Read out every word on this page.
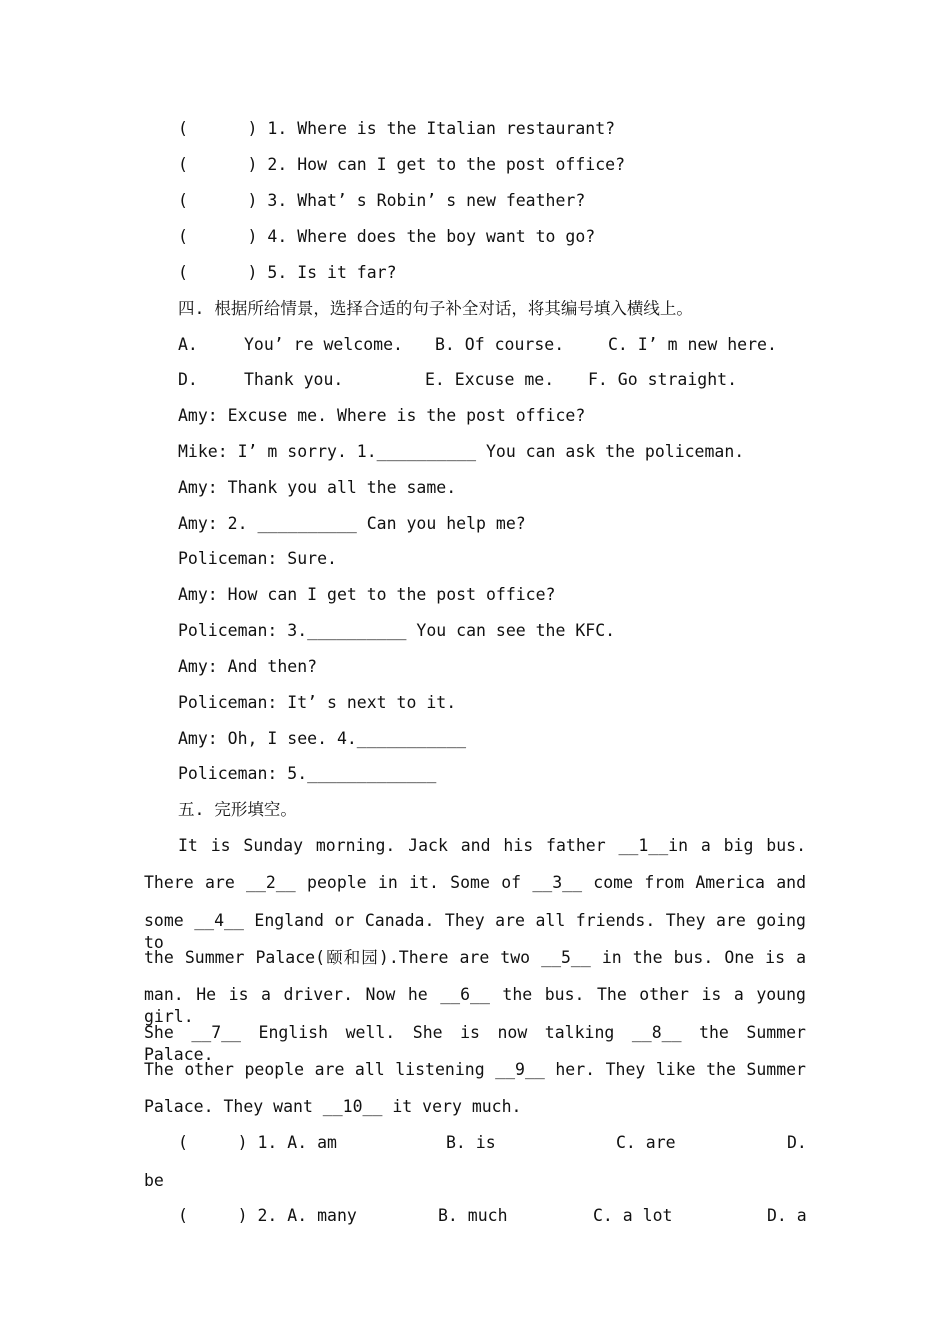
(      ) 1. Where is the Italian restaurant?
(      ) 2. How can I get to the post office?
(      ) 3. What’ s Robin’ s new feather?
(      ) 4. Where does the boy want to go?
(      ) 5. Is it far?
四. 根据所给情景，选择合适的句子补全对话，将其编号填入横线上。

A.

	You’ re welcome.

B. Of course.

	C. I’ m new here.

D.

	Thank you.

	E. Excuse me.

F. Go straight.

Amy: Excuse me. Where is the post office?
Mike: I’ m sorry. 1.__________ You can ask the policeman.
Amy: Thank you all the same.
Amy: 2. __________ Can you help me?
Policeman: Sure.
Amy: How can I get to the post office?
Policeman: 3.__________ You can see the KFC.
Amy: And then?
Policeman: It’ s next to it.
Amy: Oh, I see. 4.___________
Policeman: 5._____________
五. 完形填空。
It is Sunday morning. Jack and his father __1__in a big bus.
There are __2__ people in it. Some of __3__ come from America and
some __4__ England or Canada. They are all friends. They are going to
the Summer Palace(颐和园).There are two __5__ in the bus. One is a
man. He is a driver. Now he __6__ the bus. The other is a young girl.
She __7__ English well. She is now talking __8__ the Summer Palace.
The other people are all listening __9__ her. They like the Summer
Palace. They want __10__ it very much.

(     ) 1. A. am

	B. is

	C. are

	D.

be

(     ) 2. A. many

	B. much

	C. a lot

	D. a
